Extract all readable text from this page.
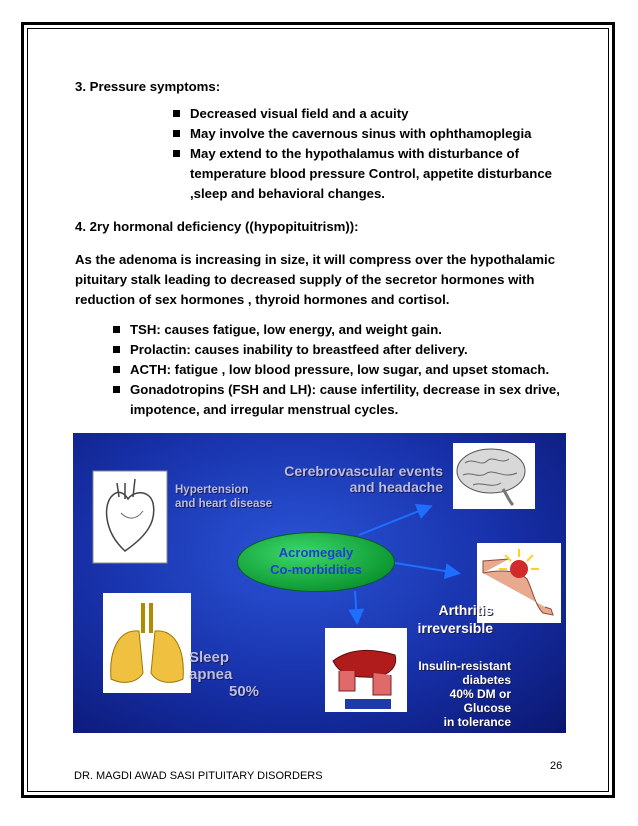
3. Pressure symptoms:
Decreased visual field and a acuity
May involve the cavernous sinus with ophthamoplegia
May extend to the hypothalamus with disturbance of
temperature blood pressure Control, appetite disturbance
,sleep and behavioral changes.
4. 2ry hormonal deficiency ((hypopituitrism)):
As the adenoma is increasing in size, it will compress over the hypothalamic
pituitary stalk leading to decreased supply of the secretor hormones with
reduction of sex hormones , thyroid hormones and cortisol.
TSH: causes fatigue, low energy, and weight gain.
Prolactin: causes inability to breastfeed after delivery.
ACTH: fatigue , low blood pressure, low sugar, and upset stomach.
Gonadotropins (FSH and LH): cause infertility, decrease in sex drive,
impotence, and irregular menstrual cycles.
Hypertension
and heart disease
Cerebrovascular events
and headache
Acromegaly
Co-morbidities
Arthritis
irreversible
Sleep
apnea
50%
Insulin-resistant
diabetes
40% DM or
Glucose
in tolerance
26
DR. MAGDI AWAD SASI PITUITARY DISORDERS
